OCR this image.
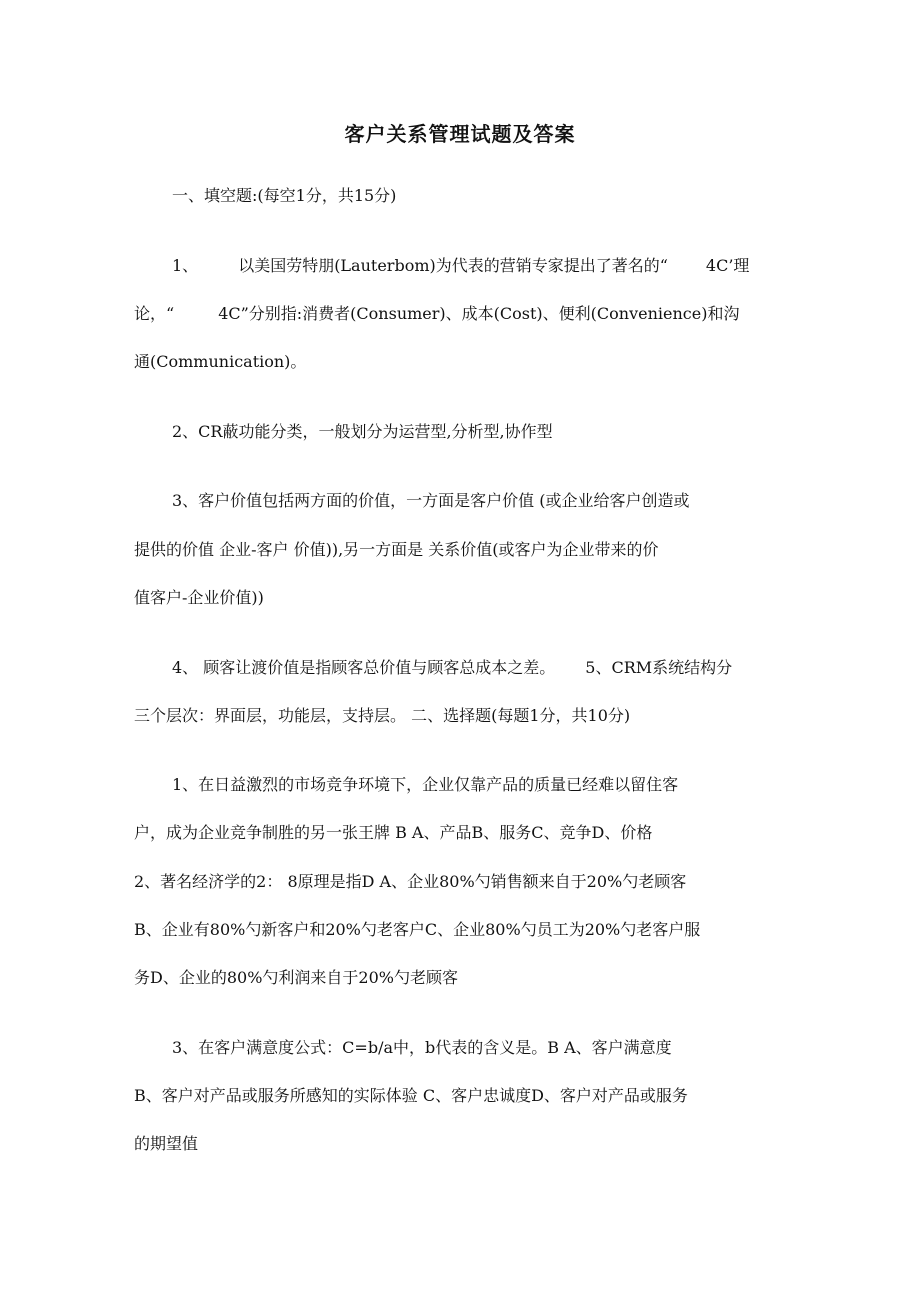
客户关系管理试题及答案
一、填空题:(每空1分，共15分)
1、	以美国劳特朋(Lauterbom)为代表的营销专家提出了著名的“ 4C’理
论，“	4C”分别指:消费者(Consumer)、成本(Cost)、便利(Convenience)和沟
通(Communication)。
2、CR蔽功能分类，一般划分为运营型,分析型,协作型
3、客户价值包括两方面的价值，一方面是客户价值 (或企业给客户创造或
提供的价值 企业-客户 价值)),另一方面是 关系价值(或客户为企业带来的价
值客户-企业价值))
4、 顾客让渡价值是指顾客总价值与顾客总成本之差。 5、CRM系统结构分
三个层次：界面层，功能层，支持层。 二、选择题(每题1分，共10分)
1、在日益激烈的市场竞争环境下，企业仅靠产品的质量已经难以留住客
户，成为企业竞争制胜的另一张王牌 B A、产品B、服务C、竞争D、价格
2、著名经济学的2： 8原理是指D A、企业80%勺销售额来自于20%勺老顾客
B、企业有80%勺新客户和20%勺老客户C、企业80%勺员工为20%勺老客户服
务D、企业的80%勺利润来自于20%勺老顾客
3、在客户满意度公式：C=b/a中，b代表的含义是。B A、客户满意度
B、客户对产品或服务所感知的实际体验 C、客户忠诚度D、客户对产品或服务
的期望值
